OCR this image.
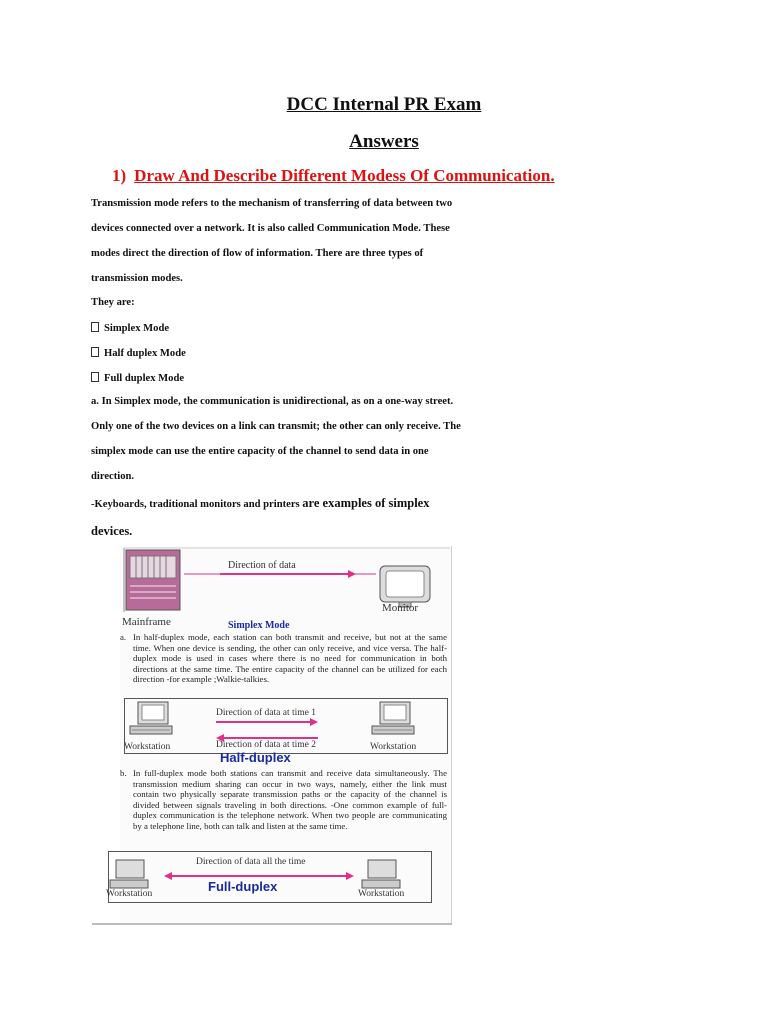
DCC Internal PR Exam
Answers
1) Draw And Describe Different Modess Of Communication.
Transmission mode refers to the mechanism of transferring of data between two
devices connected over a network. It is also called Communication Mode. These
modes direct the direction of flow of information. There are three types of
transmission modes.
They are:
Simplex Mode
Half duplex Mode
Full duplex Mode
a. In Simplex mode, the communication is unidirectional, as on a one-way street.
Only one of the two devices on a link can transmit; the other can only receive. The
simplex mode can use the entire capacity of the channel to send data in one
direction.
-Keyboards, traditional monitors and printers are examples of simplex
devices.
Direction of data
Mainframe
Monitor
Simplex Mode
a. In half-duplex mode, each station can both transmit and receive, but not at the same time. When one device is sending, the other can only receive, and vice versa. The half-duplex mode is used in cases where there is no need for communication in both directions at the same time. The entire capacity of the channel can be utilized for each direction -for example ;Walkie-talkies.
Direction of data at time 1
Direction of data at time 2
Workstation	Workstation
Half-duplex
b. In full-duplex mode both stations can transmit and receive data simultaneously. The transmission medium sharing can occur in two ways, namely, either the link must contain two physically separate transmission paths or the capacity of the channel is divided between signals traveling in both directions. -One common example of full-duplex communication is the telephone network. When two people are communicating by a telephone line, both can talk and listen at the same time.
Direction of data all the time
Workstation	Workstation
Full-duplex
